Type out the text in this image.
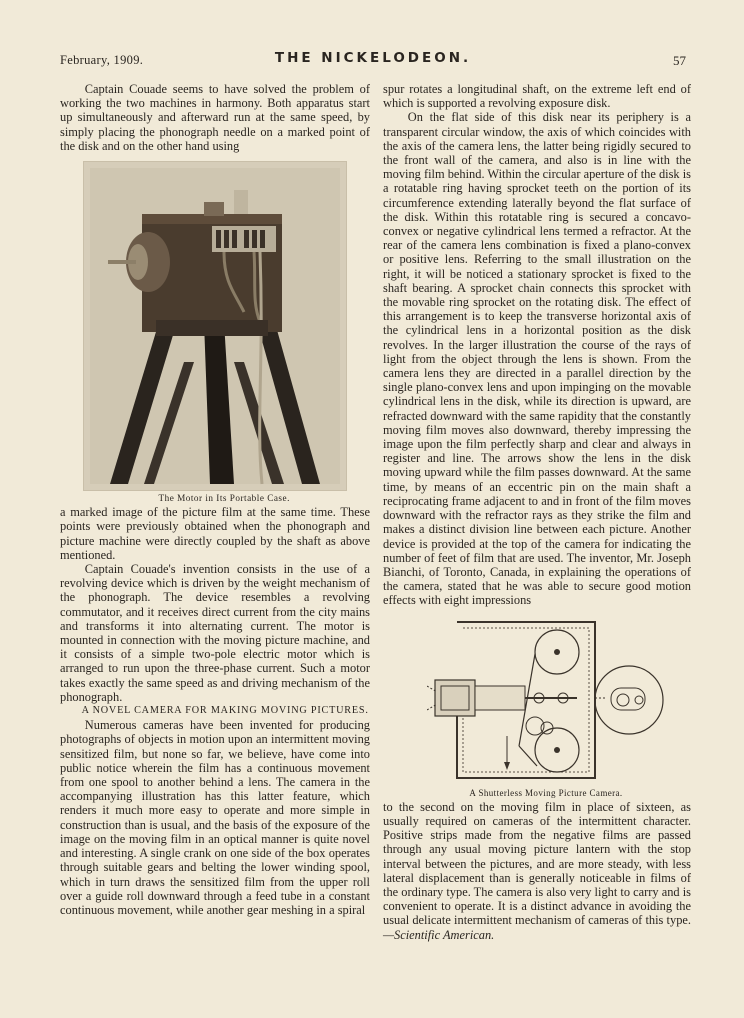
February, 1909.	THE NICKELODEON.	57

Captain Couade seems to have solved the problem of working the two machines in harmony. Both apparatus start up simultaneously and afterward run at the same speed, by simply placing the phonograph needle on a marked point of the disk and on the other hand using

The Motor in Its Portable Case.

a marked image of the picture film at the same time. These points were previously obtained when the phonograph and picture machine were directly coupled by the shaft as above mentioned.

Captain Couade's invention consists in the use of a revolving device which is driven by the weight mechanism of the phonograph. The device resembles a revolving commutator, and it receives direct current from the city mains and transforms it into alternating current. The motor is mounted in connection with the moving picture machine, and it consists of a simple two-pole electric motor which is arranged to run upon the three-phase current. Such a motor takes exactly the same speed as and driving mechanism of the phonograph.

A NOVEL CAMERA FOR MAKING MOVING PICTURES.

Numerous cameras have been invented for producing photographs of objects in motion upon an intermittent moving sensitized film, but none so far, we believe, have come into public notice wherein the film has a continuous movement from one spool to another behind a lens. The camera in the accompanying illustration has this latter feature, which renders it much more easy to operate and more simple in construction than is usual, and the basis of the exposure of the image on the moving film in an optical manner is quite novel and interesting. A single crank on one side of the box operates through suitable gears and belting the lower winding spool, which in turn draws the sensitized film from the upper roll over a guide roll downward through a feed tube in a constant continuous movement, while another gear meshing in a spiral

spur rotates a longitudinal shaft, on the extreme left end of which is supported a revolving exposure disk.

On the flat side of this disk near its periphery is a transparent circular window, the axis of which coincides with the axis of the camera lens, the latter being rigidly secured to the front wall of the camera, and also is in line with the moving film behind. Within the circular aperture of the disk is a rotatable ring having sprocket teeth on the portion of its circumference extending laterally beyond the flat surface of the disk. Within this rotatable ring is secured a concavo-convex or negative cylindrical lens termed a refractor. At the rear of the camera lens combination is fixed a plano-convex or positive lens. Referring to the small illustration on the right, it will be noticed a stationary sprocket is fixed to the shaft bearing. A sprocket chain connects this sprocket with the movable ring sprocket on the rotating disk. The effect of this arrangement is to keep the transverse horizontal axis of the cylindrical lens in a horizontal position as the disk revolves. In the larger illustration the course of the rays of light from the object through the lens is shown. From the camera lens they are directed in a parallel direction by the single plano-convex lens and upon impinging on the movable cylindrical lens in the disk, while its direction is upward, are refracted downward with the same rapidity that the constantly moving film moves also downward, thereby impressing the image upon the film perfectly sharp and clear and always in register and line. The arrows show the lens in the disk moving upward while the film passes downward. At the same time, by means of an eccentric pin on the main shaft a reciprocating frame adjacent to and in front of the film moves downward with the refractor rays as they strike the film and makes a distinct division line between each picture. Another device is provided at the top of the camera for indicating the number of feet of film that are used. The inventor, Mr. Joseph Bianchi, of Toronto, Canada, in explaining the operations of the camera, stated that he was able to secure good motion effects with eight impressions

A Shutterless Moving Picture Camera.

to the second on the moving film in place of sixteen, as usually required on cameras of the intermittent character. Positive strips made from the negative films are passed through any usual moving picture lantern with the stop interval between the pictures, and are more steady, with less lateral displacement than is generally noticeable in films of the ordinary type. The camera is also very light to carry and is convenient to operate. It is a distinct advance in avoiding the usual delicate intermittent mechanism of cameras of this type.—Scientific American.
